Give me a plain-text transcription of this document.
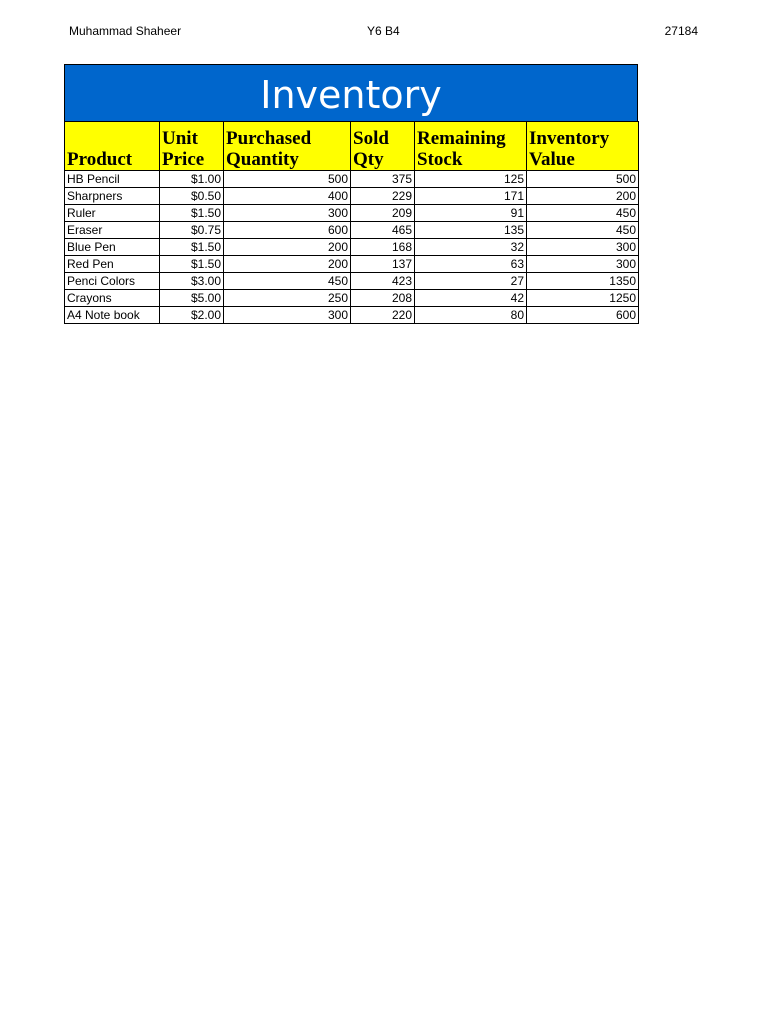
Muhammad Shaheer	Y6 B4	27184
Inventory
Product	Unit Price	Purchased Quantity	Sold Qty	Remaining Stock	Inventory Value
HB Pencil	$1.00	500	375	125	500
Sharpners	$0.50	400	229	171	200
Ruler	$1.50	300	209	91	450
Eraser	$0.75	600	465	135	450
Blue Pen	$1.50	200	168	32	300
Red Pen	$1.50	200	137	63	300
Penci Colors	$3.00	450	423	27	1350
Crayons	$5.00	250	208	42	1250
A4 Note book	$2.00	300	220	80	600
